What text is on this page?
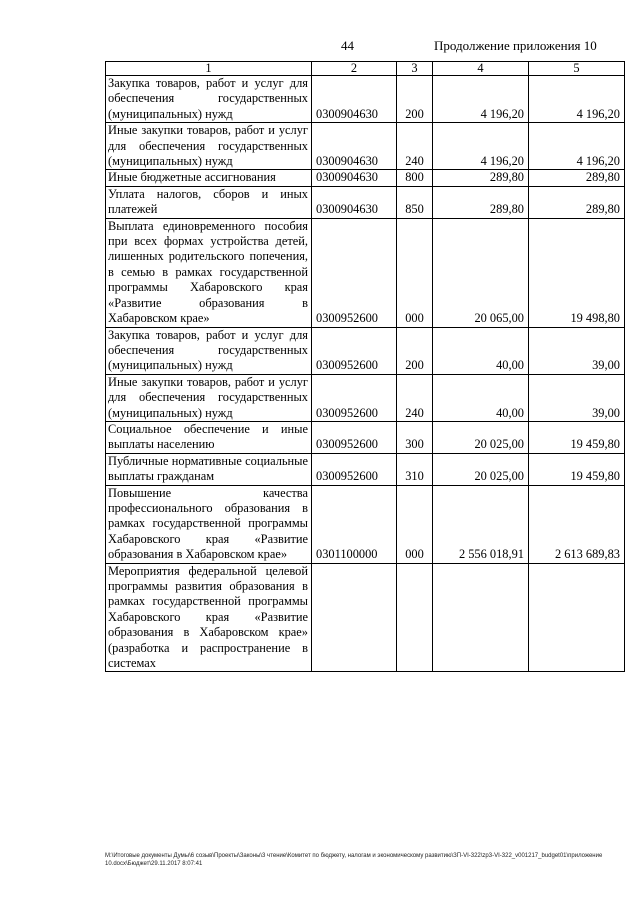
44	Продолжение приложения 10
1	2	3	4	5
Закупка товаров, работ и услуг для обеспечения государственных (муниципальных) нужд	0300904630	200	4 196,20	4 196,20
Иные закупки товаров, работ и услуг для обеспечения государственных (муниципальных) нужд	0300904630	240	4 196,20	4 196,20
Иные бюджетные ассигнования	0300904630	800	289,80	289,80
Уплата налогов, сборов и иных платежей	0300904630	850	289,80	289,80
Выплата единовременного пособия при всех формах устройства детей, лишенных родительского попечения, в семью в рамках государственной программы Хабаровского края «Развитие образования в Хабаровском крае»	0300952600	000	20 065,00	19 498,80
Закупка товаров, работ и услуг для обеспечения государственных (муниципальных) нужд	0300952600	200	40,00	39,00
Иные закупки товаров, работ и услуг для обеспечения государственных (муниципальных) нужд	0300952600	240	40,00	39,00
Социальное обеспечение и иные выплаты населению	0300952600	300	20 025,00	19 459,80
Публичные нормативные социальные выплаты гражданам	0300952600	310	20 025,00	19 459,80
Повышение качества профессионального образования в рамках государственной программы Хабаровского края «Развитие образования в Хабаровском крае»	0301100000	000	2 556 018,91	2 613 689,83
Мероприятия федеральной целевой программы развития образования в рамках государственной программы Хабаровского края «Развитие образования в Хабаровском крае» (разработка и распространение в системах				
M:\Итоговые документы Думы\6 созыв\Проекты\Законы\3 чтение\Комитет по бюджету, налогам и экономическому развитию\ЗП-VI-322\zp3-VI-322_v001217_budget01\приложение 10.docx\Бюджет\29.11.2017 8:07:41
